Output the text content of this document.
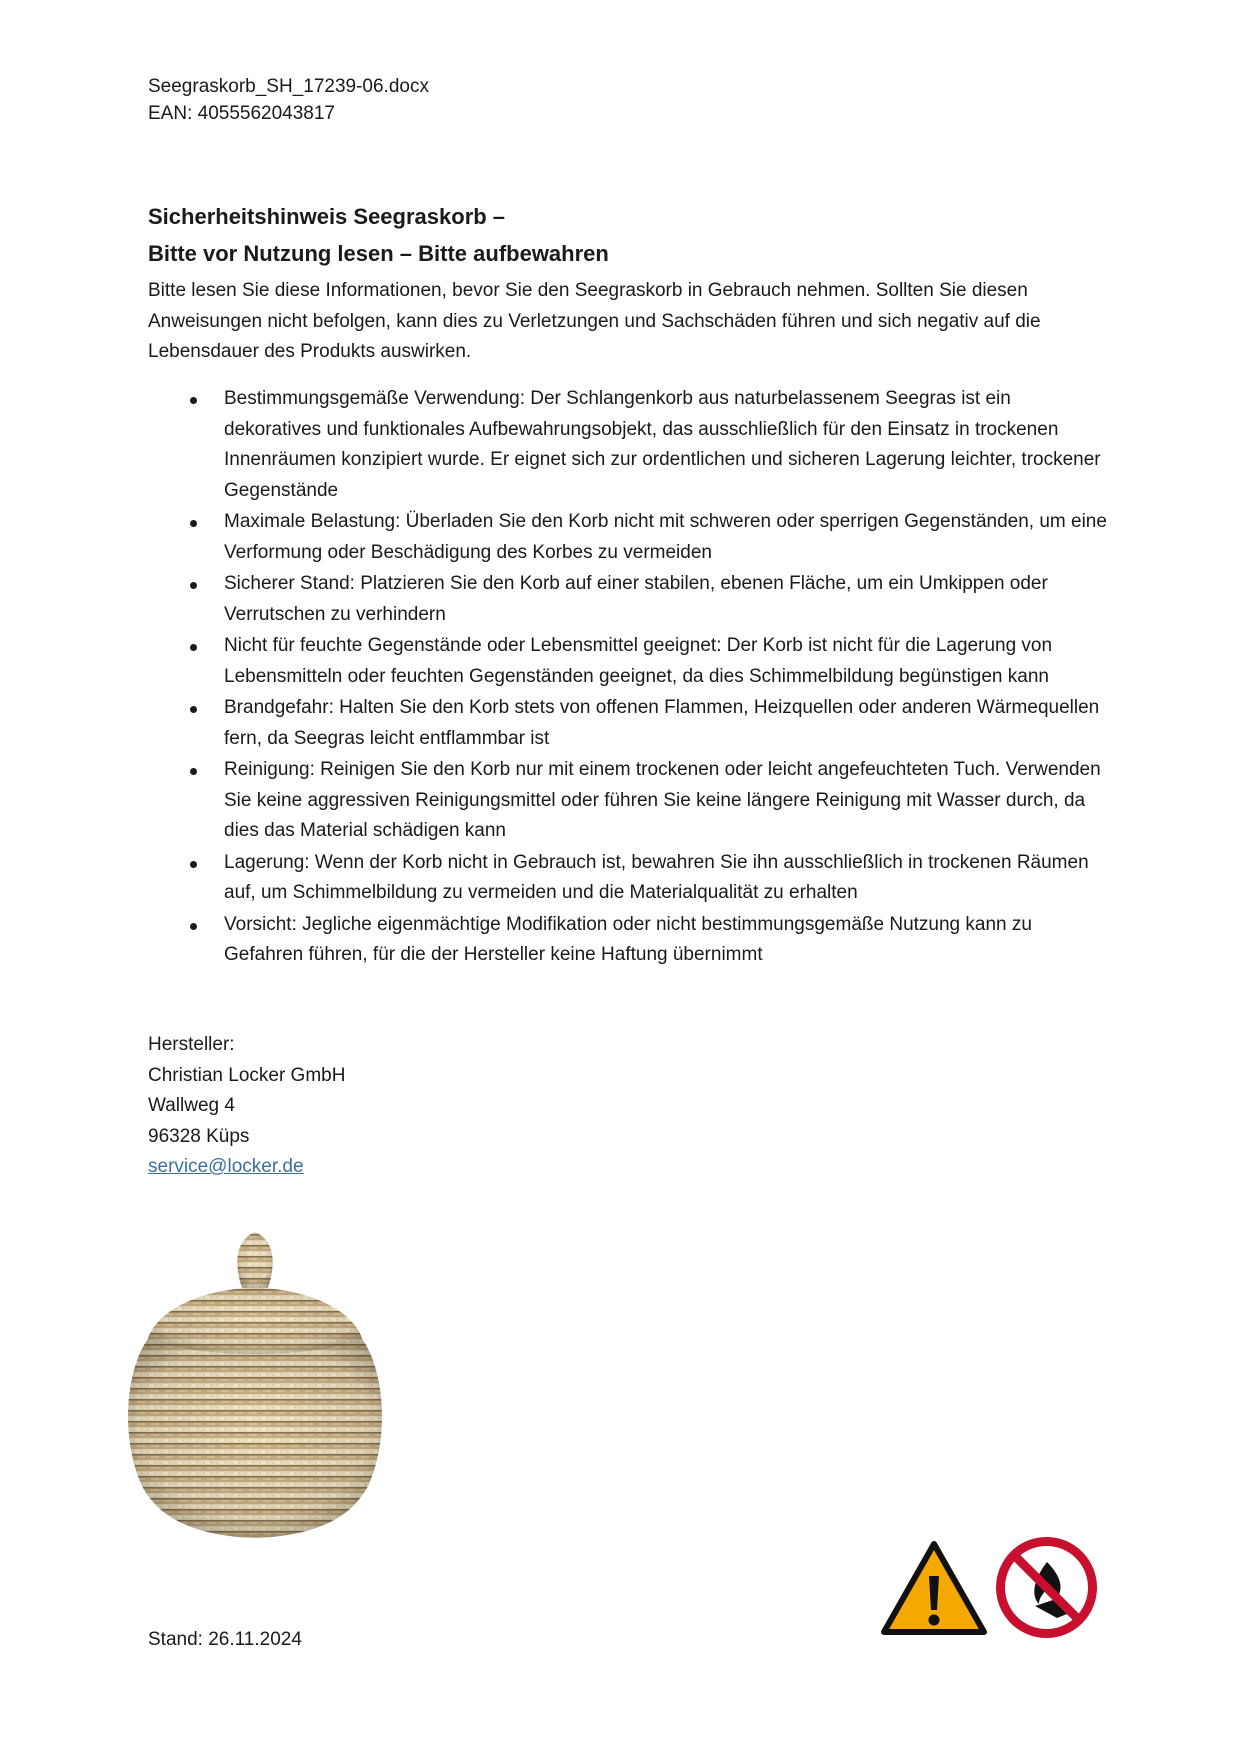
Seegraskorb_SH_17239-06.docx
EAN: 4055562043817
Sicherheitshinweis Seegraskorb –
Bitte vor Nutzung lesen – Bitte aufbewahren
Bitte lesen Sie diese Informationen, bevor Sie den Seegraskorb in Gebrauch nehmen. Sollten Sie diesen Anweisungen nicht befolgen, kann dies zu Verletzungen und Sachschäden führen und sich negativ auf die Lebensdauer des Produkts auswirken.
Bestimmungsgemäße Verwendung: Der Schlangenkorb aus naturbelassenem Seegras ist ein dekoratives und funktionales Aufbewahrungsobjekt, das ausschließlich für den Einsatz in trockenen Innenräumen konzipiert wurde. Er eignet sich zur ordentlichen und sicheren Lagerung leichter, trockener Gegenstände
Maximale Belastung: Überladen Sie den Korb nicht mit schweren oder sperrigen Gegenständen, um eine Verformung oder Beschädigung des Korbes zu vermeiden
Sicherer Stand: Platzieren Sie den Korb auf einer stabilen, ebenen Fläche, um ein Umkippen oder Verrutschen zu verhindern
Nicht für feuchte Gegenstände oder Lebensmittel geeignet: Der Korb ist nicht für die Lagerung von Lebensmitteln oder feuchten Gegenständen geeignet, da dies Schimmelbildung begünstigen kann
Brandgefahr: Halten Sie den Korb stets von offenen Flammen, Heizquellen oder anderen Wärmequellen fern, da Seegras leicht entflammbar ist
Reinigung: Reinigen Sie den Korb nur mit einem trockenen oder leicht angefeuchteten Tuch. Verwenden Sie keine aggressiven Reinigungsmittel oder führen Sie keine längere Reinigung mit Wasser durch, da dies das Material schädigen kann
Lagerung: Wenn der Korb nicht in Gebrauch ist, bewahren Sie ihn ausschließlich in trockenen Räumen auf, um Schimmelbildung zu vermeiden und die Materialqualität zu erhalten
Vorsicht: Jegliche eigenmächtige Modifikation oder nicht bestimmungsgemäße Nutzung kann zu Gefahren führen, für die der Hersteller keine Haftung übernimmt
Hersteller:
Christian Locker GmbH
Wallweg 4
96328 Küps
service@locker.de
Stand: 26.11.2024
